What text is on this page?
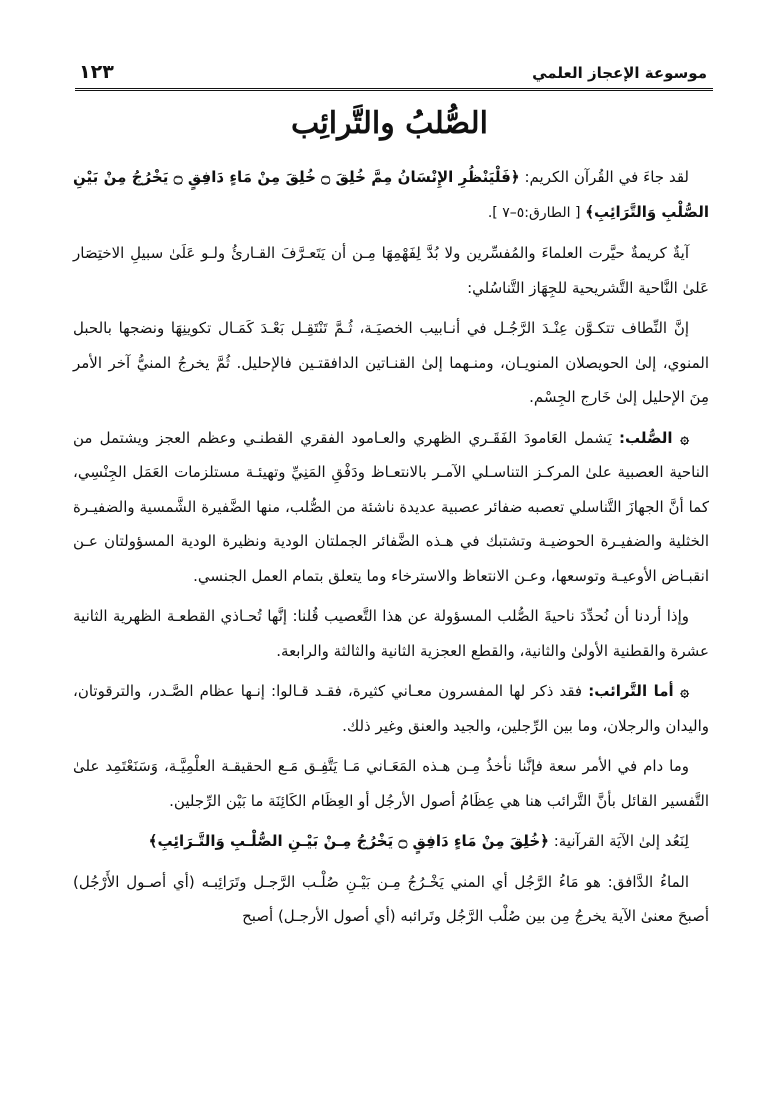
موسوعة الإعجاز العلمي
١٢٣
الصُّلبُ والتَّرائِب

لقد جاءَ في القُرآن الكريم: ﴿فَلْيَنْظُرِ الإِنْسَانُ مِمَّ خُلِقَ ۝ خُلِقَ مِنْ مَاءٍ دَافِقٍ ۝ يَخْرُجُ مِنْ بَيْنِ الصُّلْبِ وَالتَّرَائِبِ﴾ [ الطارق:٥–٧ ].

آيةٌ كريمةٌ حيَّرت العلماءَ والمُفسِّرين ولا بُدَّ لِفَهْمِهَا مِـن أن يَتَعـرَّفَ القـارئُ ولـو عَلَىٰ سبيلِ الاختِصَار عَلىٰ النَّاحية التَّشريحية للجِهَاز التَّناسُلي:

إنَّ النِّطاف تتكـوَّن عِنْـدَ الرَّجُـل في أنـابيب الخصيَـة، ثُـمَّ تَنْتَقِـل بَعْـدَ كَمَـال تكوينِهَا ونضجها بالحبل المنوي، إلىٰ الحويصلان المنويـان، ومنـهما إلىٰ القنـاتين الدافقتـين فالإحليل. ثُمَّ يخرجُ المنيُّ آخر الأمر مِنَ الإحليل إلىٰ خَارج الجِسْم.

۞ الصُّلب: يَشمل العَامودَ الفَقَـري الظهري والعـامود الفقري القطنـي وعظم العجز ويشتمل من الناحية العصبية علىٰ المركـز التناسـلي الآمـر بالانتعـاظ ودَفْقِ المَنِيِّ وتهيئـة مستلزمات العَمَل الجِنْسِي، كما أنَّ الجهازَ التَّناسلي تعصبه ضفائر عصبية عديدة ناشئة من الصُّلب، منها الضَّفيرة الشَّمسية والضفيـرة الخثلية والضفيـرة الحوضيـة وتشتبك في هـذه الضَّفائر الجملتان الودية ونظيرة الودية المسؤولتان عـن انقبـاض الأوعيـة وتوسعها، وعـن الانتعاظ والاسترخاء وما يتعلق بتمام العمل الجنسي.

وإذا أردنا أن نُحدِّدَ ناحيةَ الصُّلب المسؤولة عن هذا التَّعصيب قُلنا: إنَّها تُحـاذي القطعـة الظهرية الثانية عشرة والقطنية الأولىٰ والثانية، والقطع العجزية الثانية والثالثة والرابعة.

۞ أما التَّرائب: فقد ذكر لها المفسرون معـاني كثيرة، فقـد قـالوا: إنـها عظام الصَّـدر، والترقوتان، واليدان والرجلان، وما بين الرِّجلين، والجيد والعنق وغير ذلك.

وما دام في الأمر سعة فإنَّنا نأخذُ مِـن هـذه المَعَـاني مَـا يَتَّفِـق مَـع الحقيقـة العلْمِيَّـة، وَسَنَعْتَمِد علىٰ التَّفسير القائل بأنَّ التَّرائب هنا هي عِظَامُ أصول الأرجُل أو العِظَام الكَائِنَة ما بَيْن الرِّجلين.

لِنَعُد إلىٰ الآيَة القرآنية: ﴿خُلِقَ مِنْ مَاءٍ دَافِقٍ ۝ يَخْرُجُ مِـنْ بَيْـنِ الصُّلْـبِ وَالتَّـرَائِبِ﴾

الماءُ الدَّافق: هو مَاءُ الرَّجُل أي المني يَخْـرُجُ مِـن بَيْـنِ صُلْـب الرَّجـل وتَرَائِبـه (أي أصـول الأَرْجُل) أصبحَ معنىٰ الآية يخرجُ مِن بين صُلْب الرَّجُل وتَرائبه (أي أصول الأرجـل) أصبح
